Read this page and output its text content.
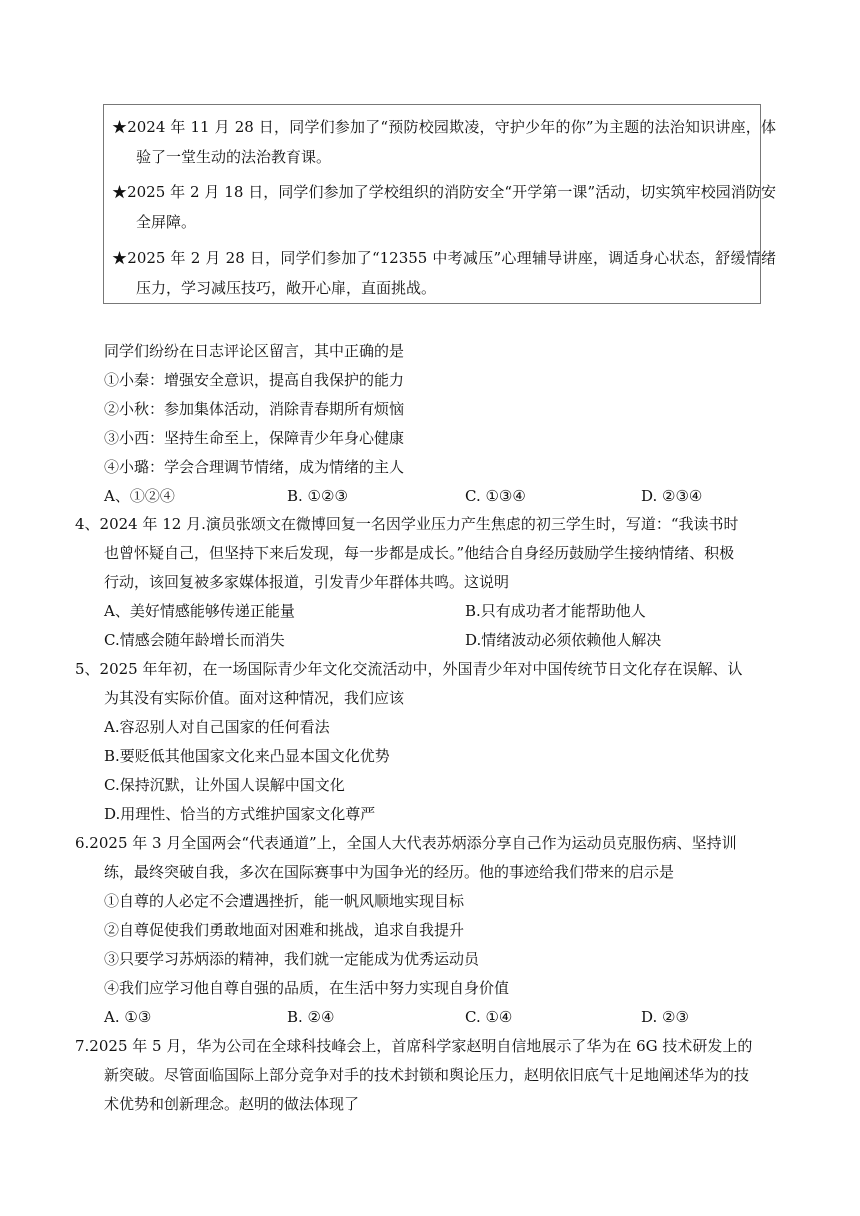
★2024 年 11 月 28 日，同学们参加了“预防校园欺凌，守护少年的你”为主题的法治知识讲座，体验了一堂生动的法治教育课。
★2025 年 2 月 18 日，同学们参加了学校组织的消防安全“开学第一课”活动，切实筑牢校园消防安全屏障。
★2025 年 2 月 28 日，同学们参加了“12355 中考减压”心理辅导讲座，调适身心状态，舒缓情绪压力，学习减压技巧，敞开心扉，直面挑战。
同学们纷纷在日志评论区留言，其中正确的是
①小秦：增强安全意识，提高自我保护的能力
②小秋：参加集体活动，消除青春期所有烦恼
③小西：坚持生命至上，保障青少年身心健康
④小璐：学会合理调节情绪，成为情绪的主人
A、①②④	B. ①②③	C. ①③④	D. ②③④
4、2024 年 12 月.演员张颂文在微博回复一名因学业压力产生焦虑的初三学生时，写道：“我读书时
也曾怀疑自己，但坚持下来后发现，每一步都是成长。”他结合自身经历鼓励学生接纳情绪、积极
行动，该回复被多家媒体报道，引发青少年群体共鸣。这说明
A、美好情感能够传递正能量	B.只有成功者才能帮助他人
C.情感会随年龄增长而消失	D.情绪波动必须依赖他人解决
5、2025 年年初，在一场国际青少年文化交流活动中，外国青少年对中国传统节日文化存在误解、认
为其没有实际价值。面对这种情况，我们应该
A.容忍别人对自己国家的任何看法
B.要贬低其他国家文化来凸显本国文化优势
C.保持沉默，让外国人误解中国文化
D.用理性、恰当的方式维护国家文化尊严
6.2025 年 3 月全国两会“代表通道”上，全国人大代表苏炳添分享自己作为运动员克服伤病、坚持训
练，最终突破自我，多次在国际赛事中为国争光的经历。他的事迹给我们带来的启示是
①自尊的人必定不会遭遇挫折，能一帆风顺地实现目标
②自尊促使我们勇敢地面对困难和挑战，追求自我提升
③只要学习苏炳添的精神，我们就一定能成为优秀运动员
④我们应学习他自尊自强的品质，在生活中努力实现自身价值
A. ①③	B. ②④	C. ①④	D. ②③
7.2025 年 5 月，华为公司在全球科技峰会上，首席科学家赵明自信地展示了华为在 6G 技术研发上的
新突破。尽管面临国际上部分竞争对手的技术封锁和舆论压力，赵明依旧底气十足地阐述华为的技
术优势和创新理念。赵明的做法体现了
